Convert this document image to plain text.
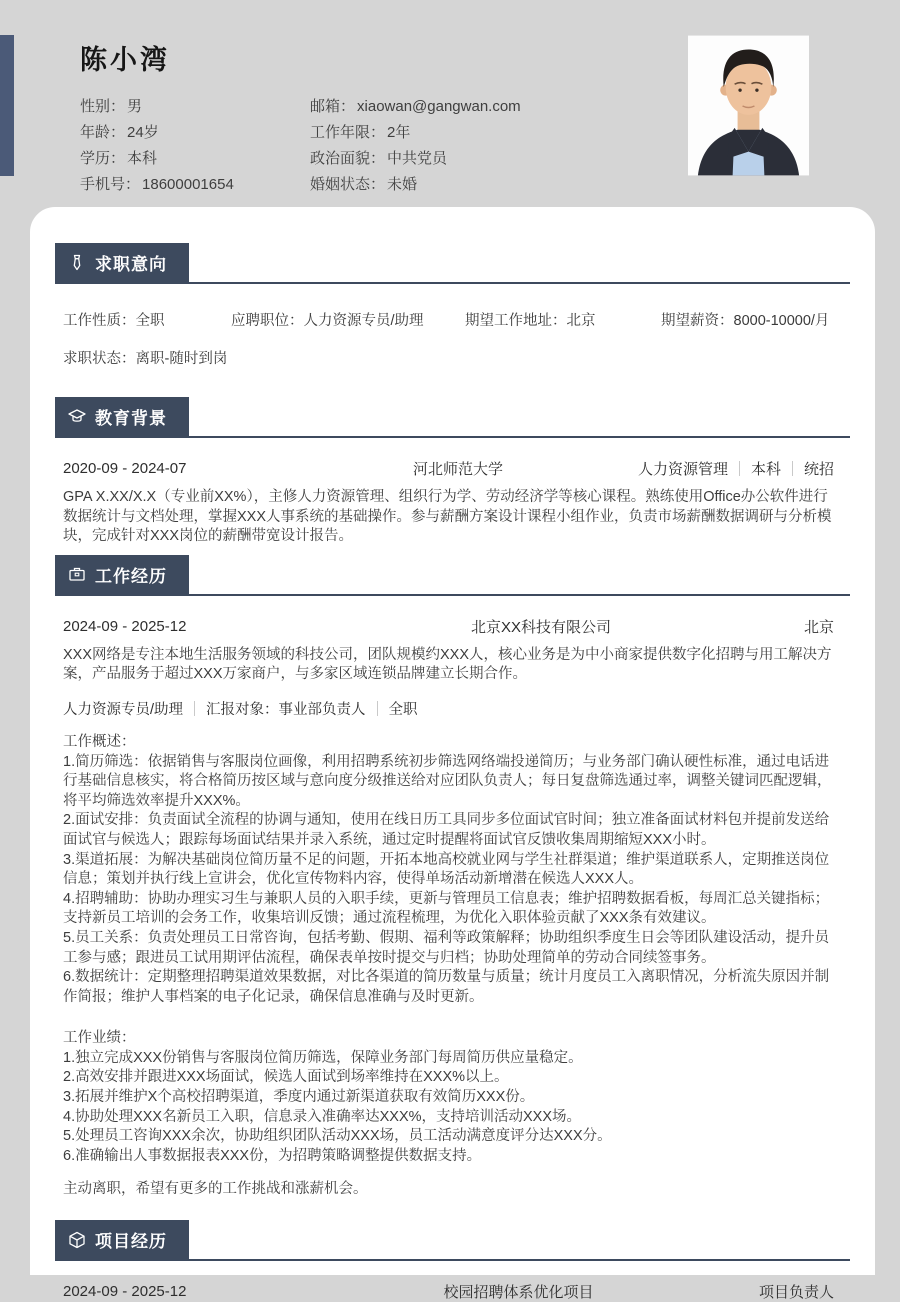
陈小湾
性别： 男
年龄： 24岁
学历： 本科
手机号： 18600001654
邮箱： xiaowan@gangwan.com
工作年限： 2年
政治面貌： 中共党员
婚姻状态： 未婚
求职意向
工作性质：全职	应聘职位：人力资源专员/助理	期望工作地址：北京	期望薪资：8000-10000/月
求职状态：离职-随时到岗
教育背景
2020-09 - 2024-07	河北师范大学	人力资源管理 本科 统招
GPA X.XX/X.X（专业前XX%），主修人力资源管理、组织行为学、劳动经济学等核心课程。熟练使用Office办公软件进行数据统计与文档处理，掌握XXX人事系统的基础操作。参与薪酬方案设计课程小组作业，负责市场薪酬数据调研与分析模块，完成针对XXX岗位的薪酬带宽设计报告。
工作经历
2024-09 - 2025-12	北京XX科技有限公司	北京
XXX网络是专注本地生活服务领域的科技公司，团队规模约XXX人，核心业务是为中小商家提供数字化招聘与用工解决方案，产品服务于超过XXX万家商户，与多家区域连锁品牌建立长期合作。
人力资源专员/助理 汇报对象：事业部负责人 全职
工作概述：
1.简历筛选：依据销售与客服岗位画像，利用招聘系统初步筛选网络端投递简历；与业务部门确认硬性标准，通过电话进行基础信息核实，将合格简历按区域与意向度分级推送给对应团队负责人；每日复盘筛选通过率，调整关键词匹配逻辑，将平均筛选效率提升XXX%。
2.面试安排：负责面试全流程的协调与通知，使用在线日历工具同步多位面试官时间；独立准备面试材料包并提前发送给面试官与候选人；跟踪每场面试结果并录入系统，通过定时提醒将面试官反馈收集周期缩短XXX小时。
3.渠道拓展：为解决基础岗位简历量不足的问题，开拓本地高校就业网与学生社群渠道；维护渠道联系人，定期推送岗位信息；策划并执行线上宣讲会，优化宣传物料内容，使得单场活动新增潜在候选人XXX人。
4.招聘辅助：协助办理实习生与兼职人员的入职手续，更新与管理员工信息表；维护招聘数据看板，每周汇总关键指标；支持新员工培训的会务工作，收集培训反馈；通过流程梳理，为优化入职体验贡献了XXX条有效建议。
5.员工关系：负责处理员工日常咨询，包括考勤、假期、福利等政策解释；协助组织季度生日会等团队建设活动，提升员工参与感；跟进员工试用期评估流程，确保表单按时提交与归档；协助处理简单的劳动合同续签事务。
6.数据统计：定期整理招聘渠道效果数据，对比各渠道的简历数量与质量；统计月度员工入离职情况，分析流失原因并制作简报；维护人事档案的电子化记录，确保信息准确与及时更新。
工作业绩：
1.独立完成XXX份销售与客服岗位简历筛选，保障业务部门每周简历供应量稳定。
2.高效安排并跟进XXX场面试，候选人面试到场率维持在XXX%以上。
3.拓展并维护X个高校招聘渠道，季度内通过新渠道获取有效简历XXX份。
4.协助处理XXX名新员工入职，信息录入准确率达XXX%，支持培训活动XXX场。
5.处理员工咨询XXX余次，协助组织团队活动XXX场，员工活动满意度评分达XXX分。
6.准确输出人事数据报表XXX份，为招聘策略调整提供数据支持。
主动离职，希望有更多的工作挑战和涨薪机会。
项目经历
2024-09 - 2025-12	校园招聘体系优化项目	项目负责人
